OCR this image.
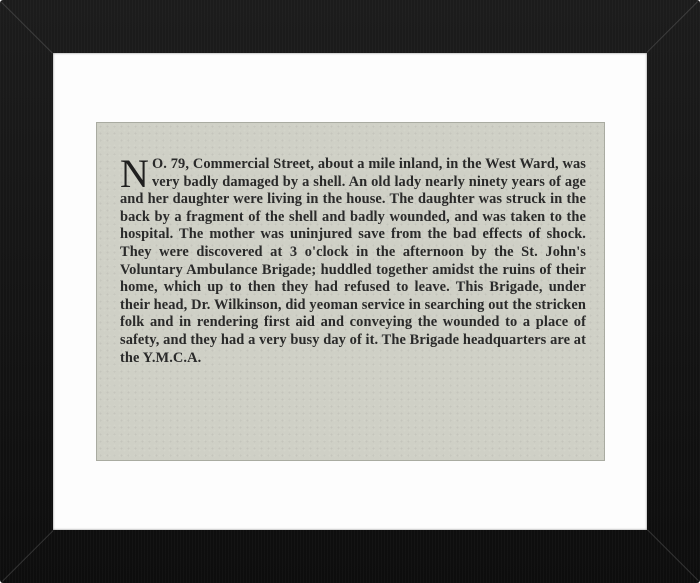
N O. 79, Commercial Street, about a mile inland, in the West Ward, was very badly damaged by a shell. An old lady nearly ninety years of age and her daughter were living in the house. The daughter was struck in the back by a fragment of the shell and badly wounded, and was taken to the hospital. The mother was uninjured save from the bad effects of shock. They were discovered at 3 o'clock in the afternoon by the St. John's Voluntary Ambulance Brigade; huddled together amidst the ruins of their home, which up to then they had refused to leave. This Brigade, under their head, Dr. Wilkinson, did yeoman service in searching out the stricken folk and in rendering first aid and conveying the wounded to a place of safety, and they had a very busy day of it. The Brigade headquarters are at the Y.M.C.A.
